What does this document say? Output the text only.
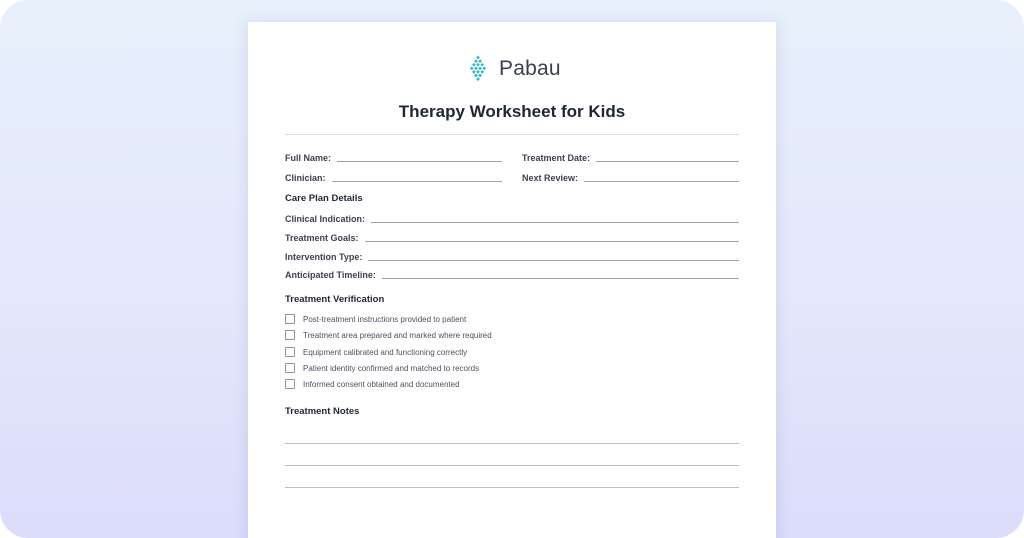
Pabau
Therapy Worksheet for Kids
Full Name:	Treatment Date:
Clinician:	Next Review:
Care Plan Details
Clinical Indication:
Treatment Goals:
Intervention Type:
Anticipated Timeline:
Treatment Verification
Post-treatment instructions provided to patient
Treatment area prepared and marked where required
Equipment calibrated and functioning correctly
Patient identity confirmed and matched to records
Informed consent obtained and documented
Treatment Notes
